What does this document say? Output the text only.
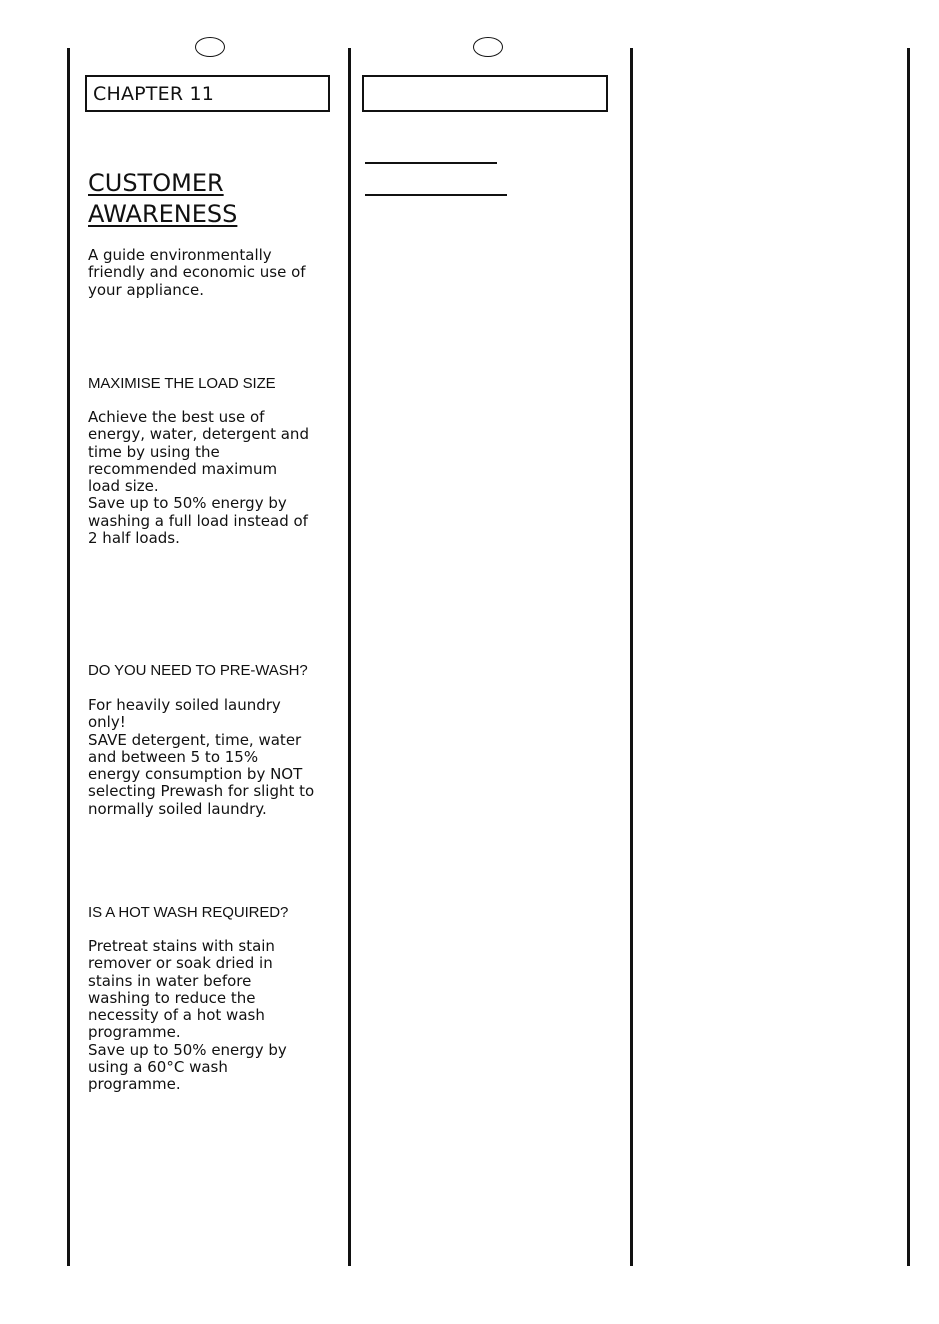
CHAPTER 11
CUSTOMER
AWARENESS

A guide environmentally
friendly and economic use of
your appliance.

MAXIMISE THE LOAD SIZE

Achieve the best use of
energy, water, detergent and
time by using the
recommended maximum
load size.
Save up to 50% energy by
washing a full load instead of
2 half loads.

DO YOU NEED TO PRE-WASH?

For heavily soiled laundry
only!
SAVE detergent, time, water
and between 5 to 15%
energy consumption by NOT
selecting Prewash for slight to
normally soiled laundry.

IS A HOT WASH REQUIRED?

Pretreat stains with stain
remover or soak dried in
stains in water before
washing to reduce the
necessity of a hot wash
programme.
Save up to 50% energy by
using a 60°C wash
programme.
